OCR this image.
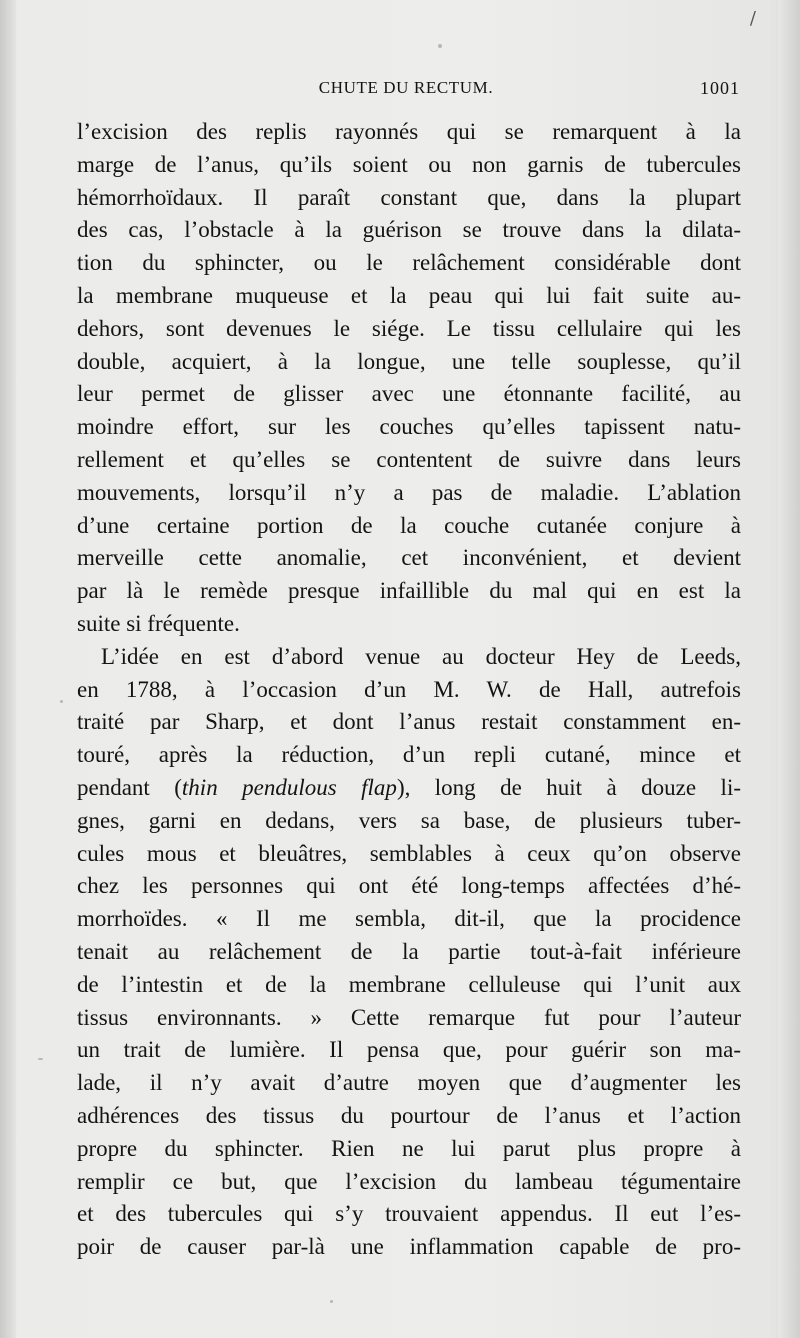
/
CHUTE DU RECTUM.	1001
l’excision des replis rayonnés qui se remarquent à la
marge de l’anus, qu’ils soient ou non garnis de tubercules
hémorrhoïdaux. Il paraît constant que, dans la plupart
des cas, l’obstacle à la guérison se trouve dans la dilata-
tion du sphincter, ou le relâchement considérable dont
la membrane muqueuse et la peau qui lui fait suite au-
dehors, sont devenues le siége. Le tissu cellulaire qui les
double, acquiert, à la longue, une telle souplesse, qu’il
leur permet de glisser avec une étonnante facilité, au
moindre effort, sur les couches qu’elles tapissent natu-
rellement et qu’elles se contentent de suivre dans leurs
mouvements, lorsqu’il n’y a pas de maladie. L’ablation
d’une certaine portion de la couche cutanée conjure à
merveille cette anomalie, cet inconvénient, et devient
par là le remède presque infaillible du mal qui en est la
suite si fréquente.
L’idée en est d’abord venue au docteur Hey de Leeds,
en 1788, à l’occasion d’un M. W. de Hall, autrefois
traité par Sharp, et dont l’anus restait constamment en-
touré, après la réduction, d’un repli cutané, mince et
pendant (thin pendulous flap), long de huit à douze li-
gnes, garni en dedans, vers sa base, de plusieurs tuber-
cules mous et bleuâtres, semblables à ceux qu’on observe
chez les personnes qui ont été long-temps affectées d’hé-
morrhoïdes. « Il me sembla, dit-il, que la procidence
tenait au relâchement de la partie tout-à-fait inférieure
de l’intestin et de la membrane celluleuse qui l’unit aux
tissus environnants. » Cette remarque fut pour l’auteur
un trait de lumière. Il pensa que, pour guérir son ma-
lade, il n’y avait d’autre moyen que d’augmenter les
adhérences des tissus du pourtour de l’anus et l’action
propre du sphincter. Rien ne lui parut plus propre à
remplir ce but, que l’excision du lambeau tégumentaire
et des tubercules qui s’y trouvaient appendus. Il eut l’es-
poir de causer par-là une inflammation capable de pro-
